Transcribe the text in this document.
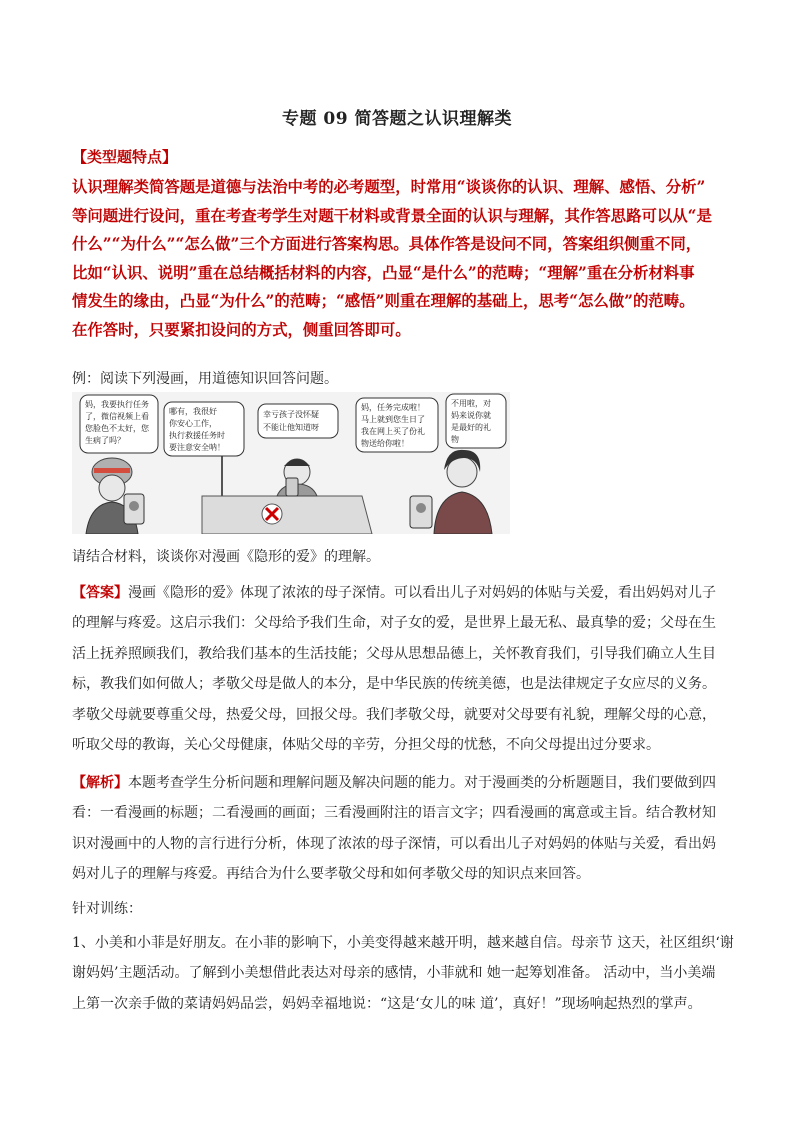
专题 09 简答题之认识理解类
【类型题特点】
认识理解类简答题是道德与法治中考的必考题型，时常用“谈谈你的认识、理解、感悟、分析”
等问题进行设问，重在考查考学生对题干材料或背景全面的认识与理解，其作答思路可以从“是
什么”“为什么”“怎么做”三个方面进行答案构思。具体作答是设问不同，答案组织侧重不同，
比如“认识、说明”重在总结概括材料的内容，凸显“是什么”的范畴；“理解”重在分析材料事
情发生的缘由，凸显“为什么”的范畴；“感悟”则重在理解的基础上，思考“怎么做”的范畴。
在作答时，只要紧扣设问的方式，侧重回答即可。
例：阅读下列漫画，用道德知识回答问题。
妈，我要执行任务 了，微信视频上看 您脸色不太好，您 生病了吗？
哪有，我很好 你安心工作， 执行救援任务时 要注意安全呐！
幸亏孩子没怀疑 不能让他知道呀
妈，任务完成啦！ 马上就到您生日了 我在网上买了份礼 物送给你啦！
不用啦，对 妈来说你就 是最好的礼 物
请结合材料，谈谈你对漫画《隐形的爱》的理解。
【答案】漫画《隐形的爱》体现了浓浓的母子深情。可以看出儿子对妈妈的体贴与关爱，看出妈妈对儿子
的理解与疼爱。这启示我们：父母给予我们生命，对子女的爱，是世界上最无私、最真挚的爱；父母在生
活上抚养照顾我们，教给我们基本的生活技能；父母从思想品德上，关怀教育我们，引导我们确立人生目
标，教我们如何做人；孝敬父母是做人的本分，是中华民族的传统美德，也是法律规定子女应尽的义务。
孝敬父母就要尊重父母，热爱父母，回报父母。我们孝敬父母，就要对父母要有礼貌，理解父母的心意，
听取父母的教诲，关心父母健康，体贴父母的辛劳，分担父母的忧愁，不向父母提出过分要求。
【解析】本题考查学生分析问题和理解问题及解决问题的能力。对于漫画类的分析题题目，我们要做到四
看：一看漫画的标题；二看漫画的画面；三看漫画附注的语言文字；四看漫画的寓意或主旨。结合教材知
识对漫画中的人物的言行进行分析，体现了浓浓的母子深情，可以看出儿子对妈妈的体贴与关爱，看出妈
妈对儿子的理解与疼爱。再结合为什么要孝敬父母和如何孝敬父母的知识点来回答。
针对训练：
1、小美和小菲是好朋友。在小菲的影响下，小美变得越来越开明，越来越自信。母亲节 这天，社区组织‘谢
谢妈妈’主题活动。了解到小美想借此表达对母亲的感情，小菲就和 她一起筹划准备。 活动中，当小美端
上第一次亲手做的菜请妈妈品尝，妈妈幸福地说：“这是‘女儿的味 道’，真好！”现场响起热烈的掌声。
